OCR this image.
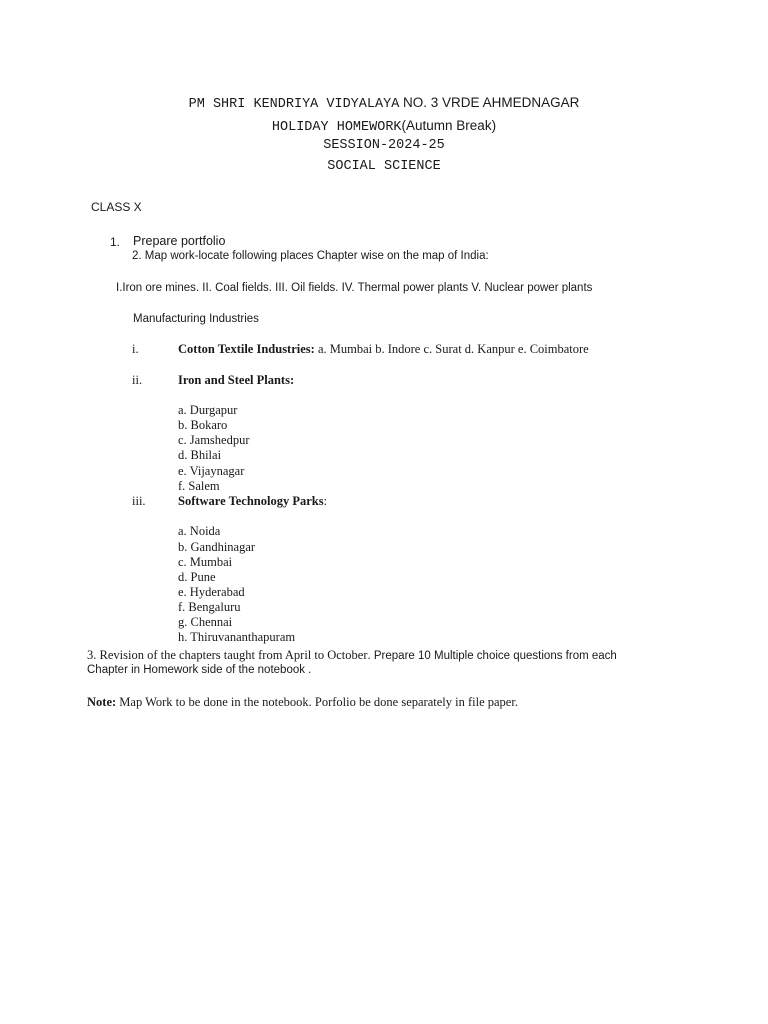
PM SHRI KENDRIYA VIDYALAYA NO. 3 VRDE AHMEDNAGAR
HOLIDAY HOMEWORK(Autumn Break)
SESSION-2024-25
SOCIAL SCIENCE
CLASS X
1. Prepare portfolio
2. Map work-locate following places Chapter wise on the map of India:
I.Iron ore mines. II. Coal fields. III. Oil fields. IV. Thermal power plants V. Nuclear power plants
Manufacturing Industries
i.	Cotton Textile Industries: a. Mumbai b. Indore c. Surat d. Kanpur e. Coimbatore
ii.	Iron and Steel Plants:
a. Durgapur
b. Bokaro
c. Jamshedpur
d. Bhilai
e. Vijaynagar
f. Salem
iii.	Software Technology Parks:
a. Noida
b. Gandhinagar
c. Mumbai
d. Pune
e. Hyderabad
f. Bengaluru
g. Chennai
h. Thiruvananthapuram
3. Revision of the chapters taught from April to October. Prepare 10 Multiple choice questions from each
Chapter in Homework side of the notebook .
Note: Map Work to be done in the notebook. Porfolio be done separately in file paper.
